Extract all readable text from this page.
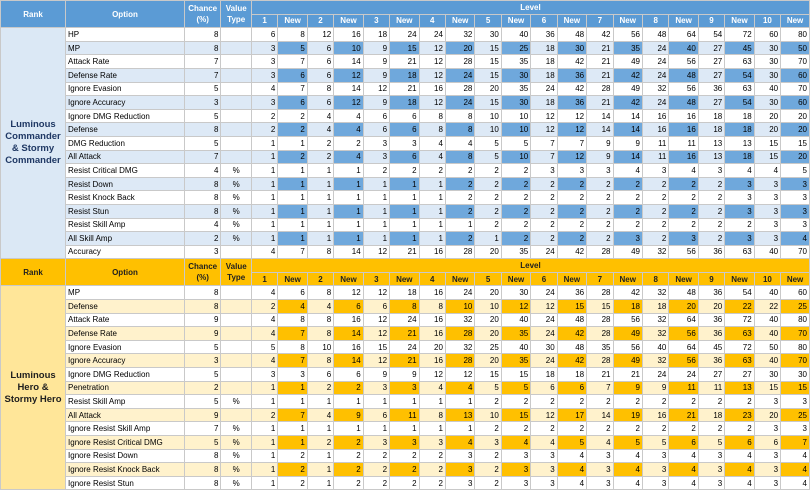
Rank	Option	Chance (%)	Value Type	Level																			
				1	New	2	New	3	New	4	New	5	New	6	New	7	New	8	New	9	New	10	New
Luminous Commander & Stormy Commander	HP	8		6	8	12	16	18	24	24	32	30	40	36	48	42	56	48	64	54	72	60	80
	MP	8		3	5	6	10	9	15	12	20	15	25	18	30	21	35	24	40	27	45	30	50
	Attack Rate	7		3	7	6	14	9	21	12	28	15	35	18	42	21	49	24	56	27	63	30	70
	Defense Rate	7		3	6	6	12	9	18	12	24	15	30	18	36	21	42	24	48	27	54	30	60
	Ignore Evasion	5		4	7	8	14	12	21	16	28	20	35	24	42	28	49	32	56	36	63	40	70
	Ignore Accuracy	3		3	6	6	12	9	18	12	24	15	30	18	36	21	42	24	48	27	54	30	60
	Ignore DMG Reduction	5		2	2	4	4	6	6	8	8	10	10	12	12	14	14	16	16	18	18	20	20
	Defense	8		2	2	4	4	6	6	8	8	10	10	12	12	14	14	16	16	18	18	20	20
	DMG Reduction	5		1	1	2	2	3	3	4	4	5	5	7	7	9	9	11	11	13	13	15	15
	All Attack	7		1	2	2	4	3	6	4	8	5	10	7	12	9	14	11	16	13	18	15	20
	Resist Critical DMG	4	%	1	1	1	1	2	2	2	2	2	2	3	3	3	4	3	4	3	4	4	5
	Resist Down	8	%	1	1	1	1	1	1	1	2	2	2	2	2	2	2	2	2	2	3	3	3
	Resist Knock Back	8	%	1	1	1	1	1	1	1	2	2	2	2	2	2	2	2	2	2	3	3	3
	Resist Stun	8	%	1	1	1	1	1	1	1	2	2	2	2	2	2	2	2	2	2	3	3	3
	Resist Skill Amp	4	%	1	1	1	1	1	1	1	1	2	2	2	2	2	2	2	2	2	2	3	3
	All Skill Amp	2	%	1	1	1	1	1	1	1	2	1	2	2	2	2	3	2	3	2	3	3	4
	Accuracy	3		4	7	8	14	12	21	16	28	20	35	24	42	28	49	32	56	36	63	40	70
Rank	Option	Chance (%)	Value Type	Level																			
				1	New	2	New	3	New	4	New	5	New	6	New	7	New	8	New	9	New	10	New
Luminous Hero & Stormy Hero	MP	8		4	6	8	12	12	18	16	24	20	30	24	36	28	42	32	48	36	54	40	60
	Defense	8		2	4	4	6	6	8	8	10	10	12	12	15	15	18	18	20	20	22	22	25
	Attack Rate	9		4	8	8	16	12	24	16	32	20	40	24	48	28	56	32	64	36	72	40	80
	Defense Rate	9		4	7	8	14	12	21	16	28	20	35	24	42	28	49	32	56	36	63	40	70
	Ignore Evasion	5		5	8	10	16	15	24	20	32	25	40	30	48	35	56	40	64	45	72	50	80
	Ignore Accuracy	3		4	7	8	14	12	21	16	28	20	35	24	42	28	49	32	56	36	63	40	70
	Ignore DMG Reduction	5		3	3	6	6	9	9	12	12	15	15	18	18	21	21	24	24	27	27	30	30
	Penetration	2		1	1	2	2	3	3	4	4	5	5	6	6	7	9	9	11	11	13	15	15
	Resist Skill Amp	5	%	1	1	1	1	1	1	1	1	2	2	2	2	2	2	2	2	2	2	3	3
	All Attack	9		2	7	4	9	6	11	8	13	10	15	12	17	14	19	16	21	18	23	20	25
	Ignore Resist Skill Amp	7	%	1	1	1	1	1	1	1	1	2	2	2	2	2	2	2	2	2	2	3	3
	Ignore Resist Critical DMG	5	%	1	1	2	2	3	3	3	4	3	4	4	5	4	5	5	6	5	6	6	7
	Ignore Resist Down	8	%	1	2	1	2	2	2	2	3	2	3	3	4	3	4	3	4	3	4	3	4
	Ignore Resist Knock Back	8	%	1	2	1	2	2	2	2	3	2	3	3	4	3	4	3	4	3	4	3	4
	Ignore Resist Stun	8	%	1	2	1	2	2	2	2	3	2	3	3	4	3	4	3	4	3	4	3	4
